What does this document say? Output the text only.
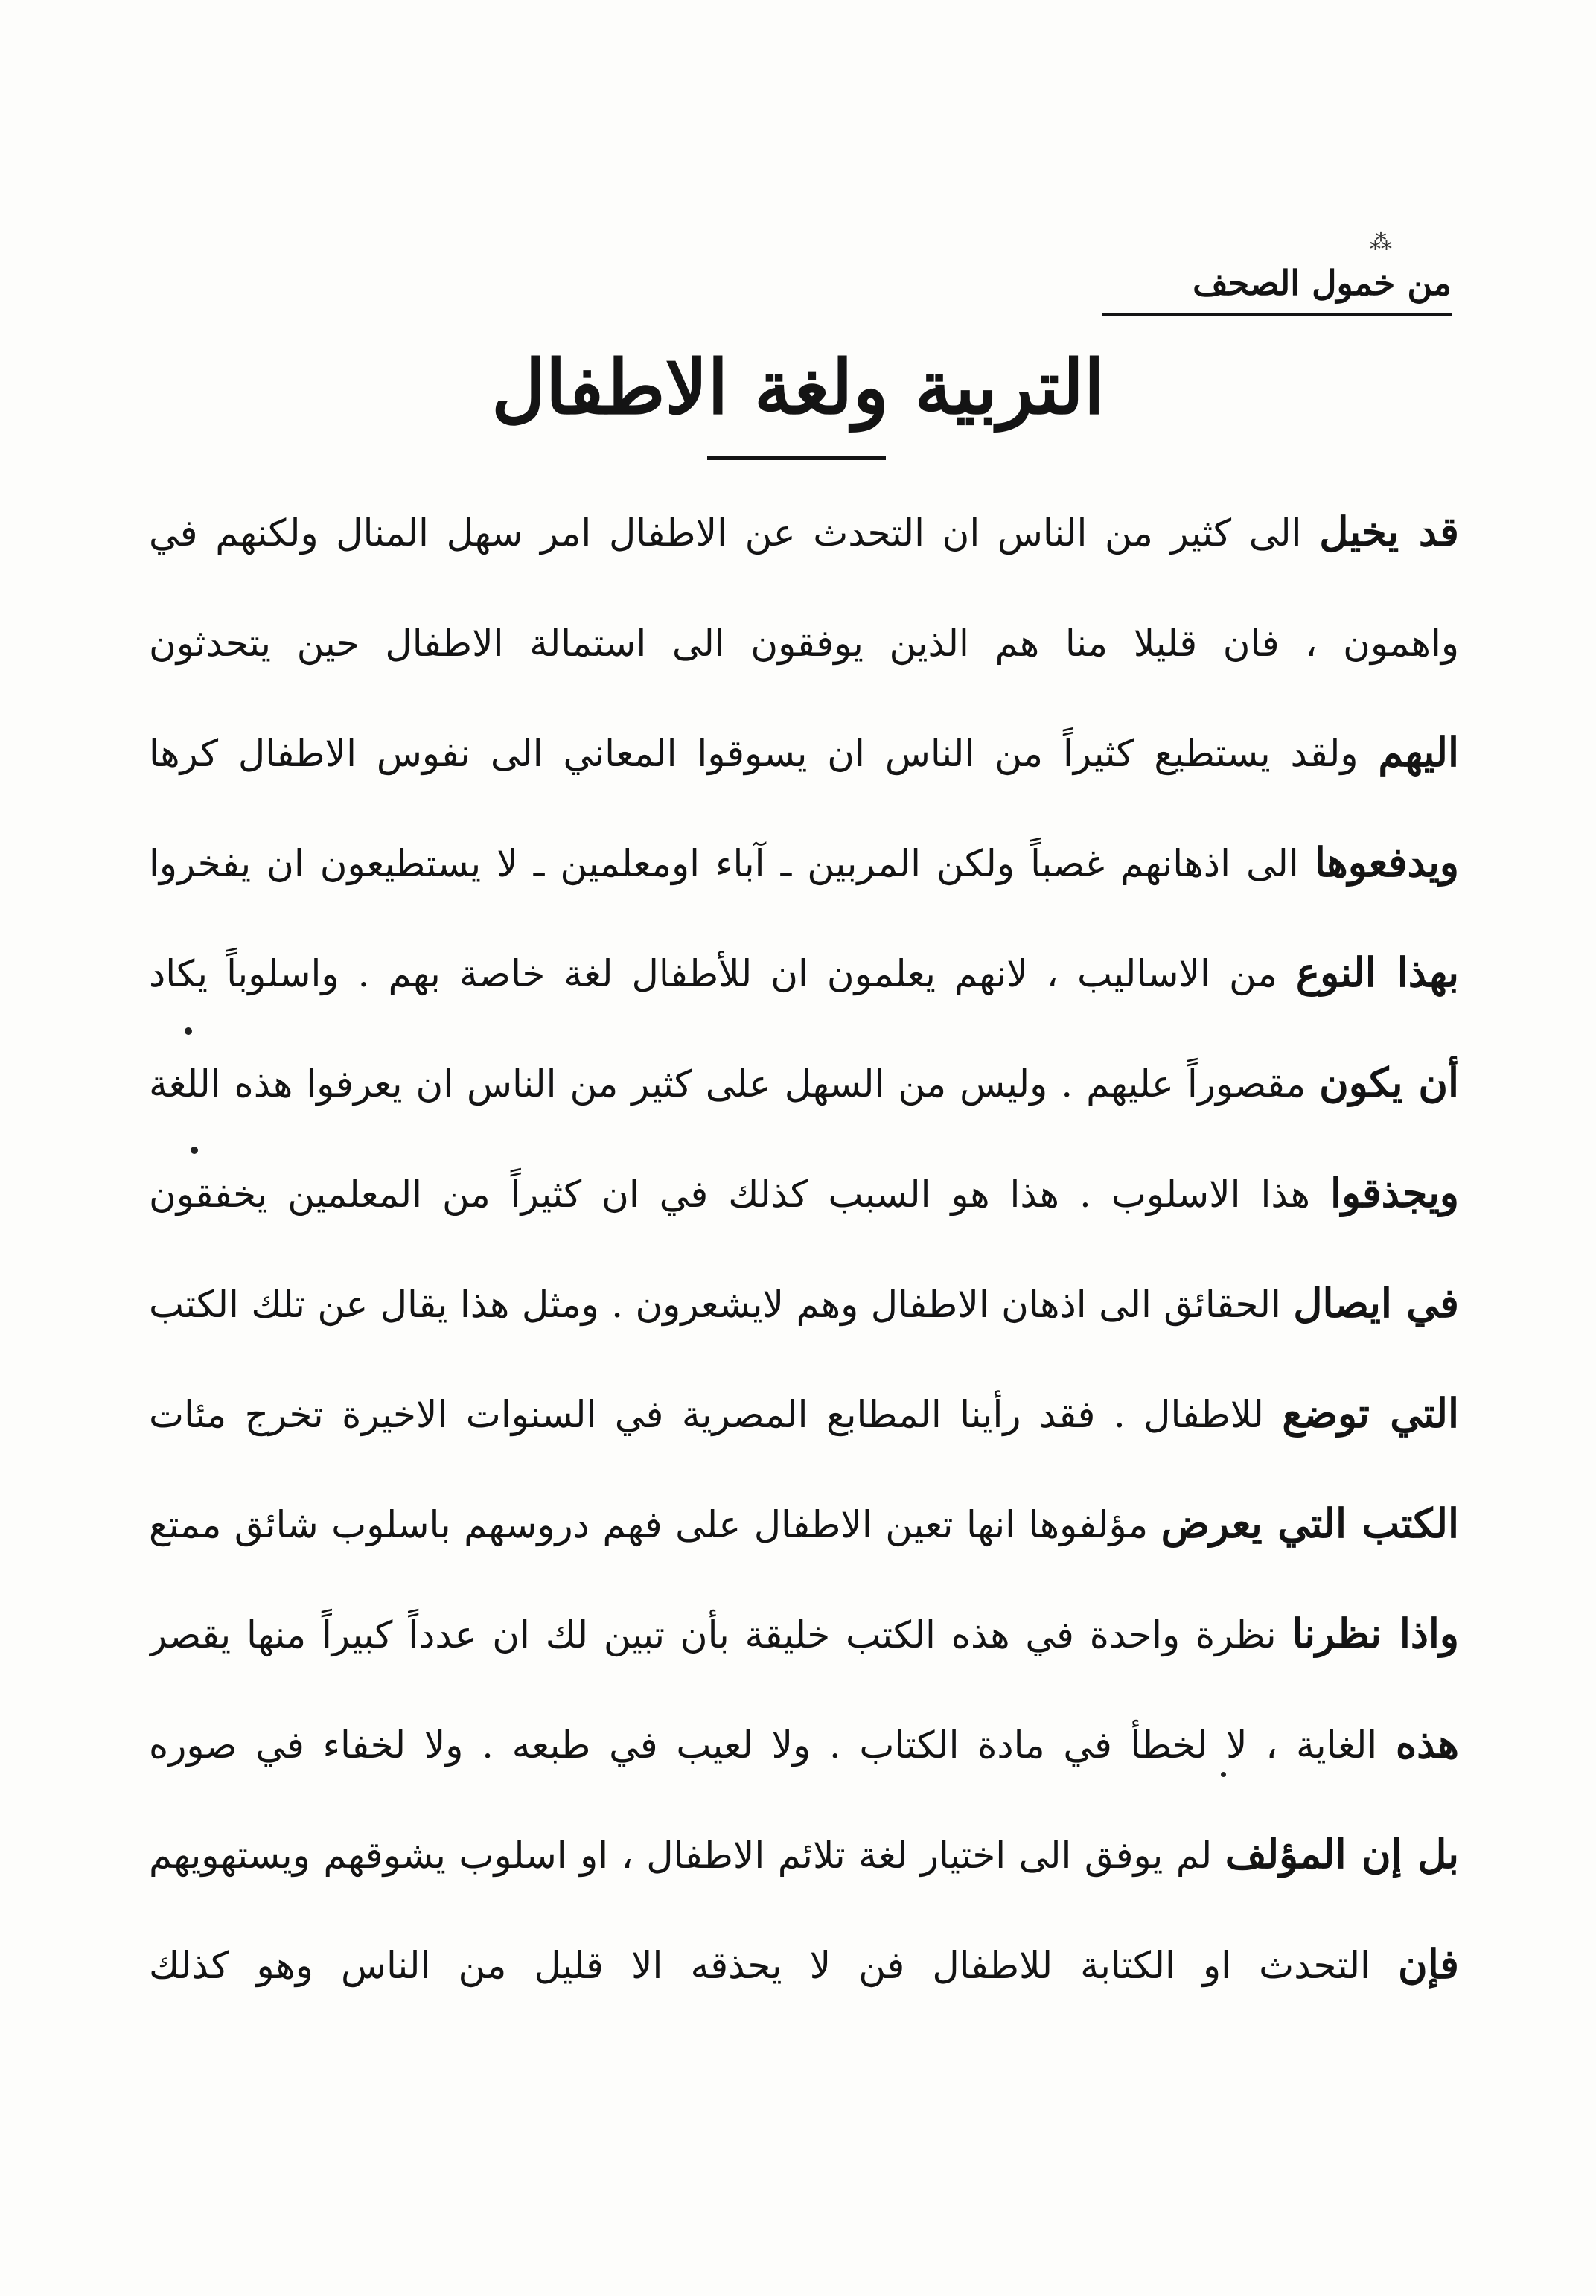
⁂
من خمول الصحف
التربية ولغة الاطفال
قد يخيل الى كثير من الناس ان التحدث عن الاطفال امر سهل المنال ولكنهم في
واهمون ، فان قليلا منا هم الذين يوفقون الى استمالة الاطفال حين يتحدثون
اليهم ولقد يستطيع كثيراً من الناس ان يسوقوا المعاني الى نفوس الاطفال كرها
ويدفعوها الى اذهانهم غصباً ولكن المربين ـ آباء اومعلمين ـ لا يستطيعون ان يفخروا
بهذا النوع من الاساليب ، لانهم يعلمون ان للأطفال لغة خاصة بهم . واسلوباً يكاد
أن يكون مقصوراً عليهم . وليس من السهل على كثير من الناس ان يعرفوا هذه اللغة
ويجذقوا هذا الاسلوب . هذا هو السبب كذلك في ان كثيراً من المعلمين يخفقون
في ايصال الحقائق الى اذهان الاطفال وهم لايشعرون . ومثل هذا يقال عن تلك الكتب
التي توضع للاطفال . فقد رأينا المطابع المصرية في السنوات الاخيرة تخرج مئات
الكتب التي يعرض مؤلفوها انها تعين الاطفال على فهم دروسهم باسلوب شائق ممتع
واذا نظرنا نظرة واحدة في هذه الكتب خليقة بأن تبين لك ان عدداً كبيراً منها يقصر
هذه الغاية ، لا لخطأ في مادة الكتاب . ولا لعيب في طبعه . ولا لخفاء في صوره
بل إن المؤلف لم يوفق الى اختيار لغة تلائم الاطفال ، او اسلوب يشوقهم ويستهويهم
فإن التحدث او الكتابة للاطفال فن لا يحذقه الا قليل من الناس وهو كذلك
